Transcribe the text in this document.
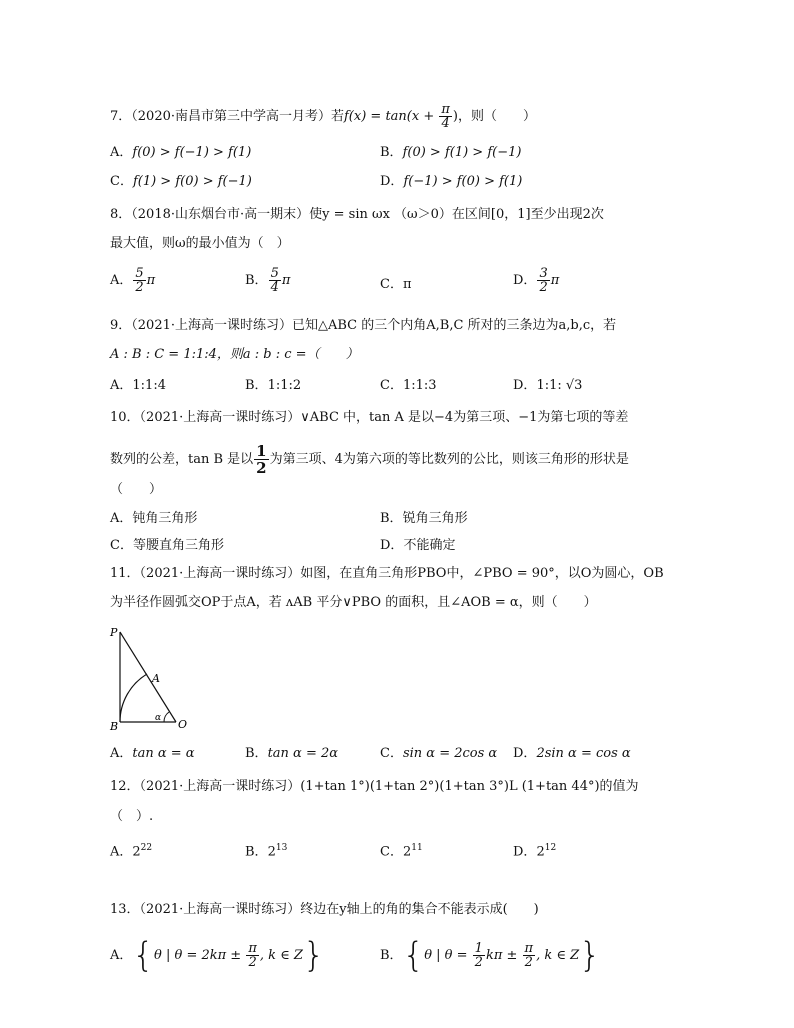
7．（2020·南昌市第三中学高一月考）若$f(x) = \tan(x + \frac{\pi}{4}$ )，则（　　）
A．f(0) > f(−1) > f(1)	B．f(0) > f(1) > f(−1)
C．f(1) > f(0) > f(−1)	D．f(−1) > f(0) > f(1)
8．（2018·山东烟台市·高一期末）使y = sin ωx （ω＞0）在区间[0，1]至少出现2次
最大值，则ω的最小值为（　）
A． $\frac{5}{2}$ π	B． $\frac{5}{4}$ π	C．π	D． $\frac{3}{2}$ π
9．（2021·上海高一课时练习）已知△ABC 的三个内角A,B,C 所对的三条边为a,b,c，若
A : B : C = 1:1:4，则a : b : c =（　　）
A．1:1:4	B．1:1:2	C．1:1:3	D．1:1: √3
10．（2021·上海高一课时练习）∨ABC 中，tan A 是以−4为第三项、−1为第七项的等差
数列的公差，tan B 是以 $\frac{1}{2}$ 为第三项、4为第六项的等比数列的公比，则该三角形的形状是
（　　）
A．钝角三角形	B．锐角三角形
C．等腰直角三角形	D．不能确定
11．（2021·上海高一课时练习）如图，在直角三角形PBO中，∠PBO = 90°，以O为圆心，OB
为半径作圆弧交OP于点A，若 ᴧAB 平分∨PBO 的面积，且∠AOB = α，则（　　）
P
A
B	O
α
A．tan α = α	B．tan α = 2α	C．sin α = 2cos α D．2sin α = cos α
12．（2021·上海高一课时练习）(1+tan 1°)(1+tan 2°)(1+tan 3°)L (1+tan 44°)的值为
（　）.
A．$2^{22}$	B．$2^{13}$	C．$2^{11}$	D．$2^{12}$
13．（2021·上海高一课时练习）终边在y轴上的角的集合不能表示成(　　)
A．{θ | $\theta = 2k\pi \pm \frac{\pi}{2}$ , k ∈ Z}	B．{θ | $\theta = \frac{1}{2}$ $k\pi \pm \frac{\pi}{2}$ , k ∈ Z}
